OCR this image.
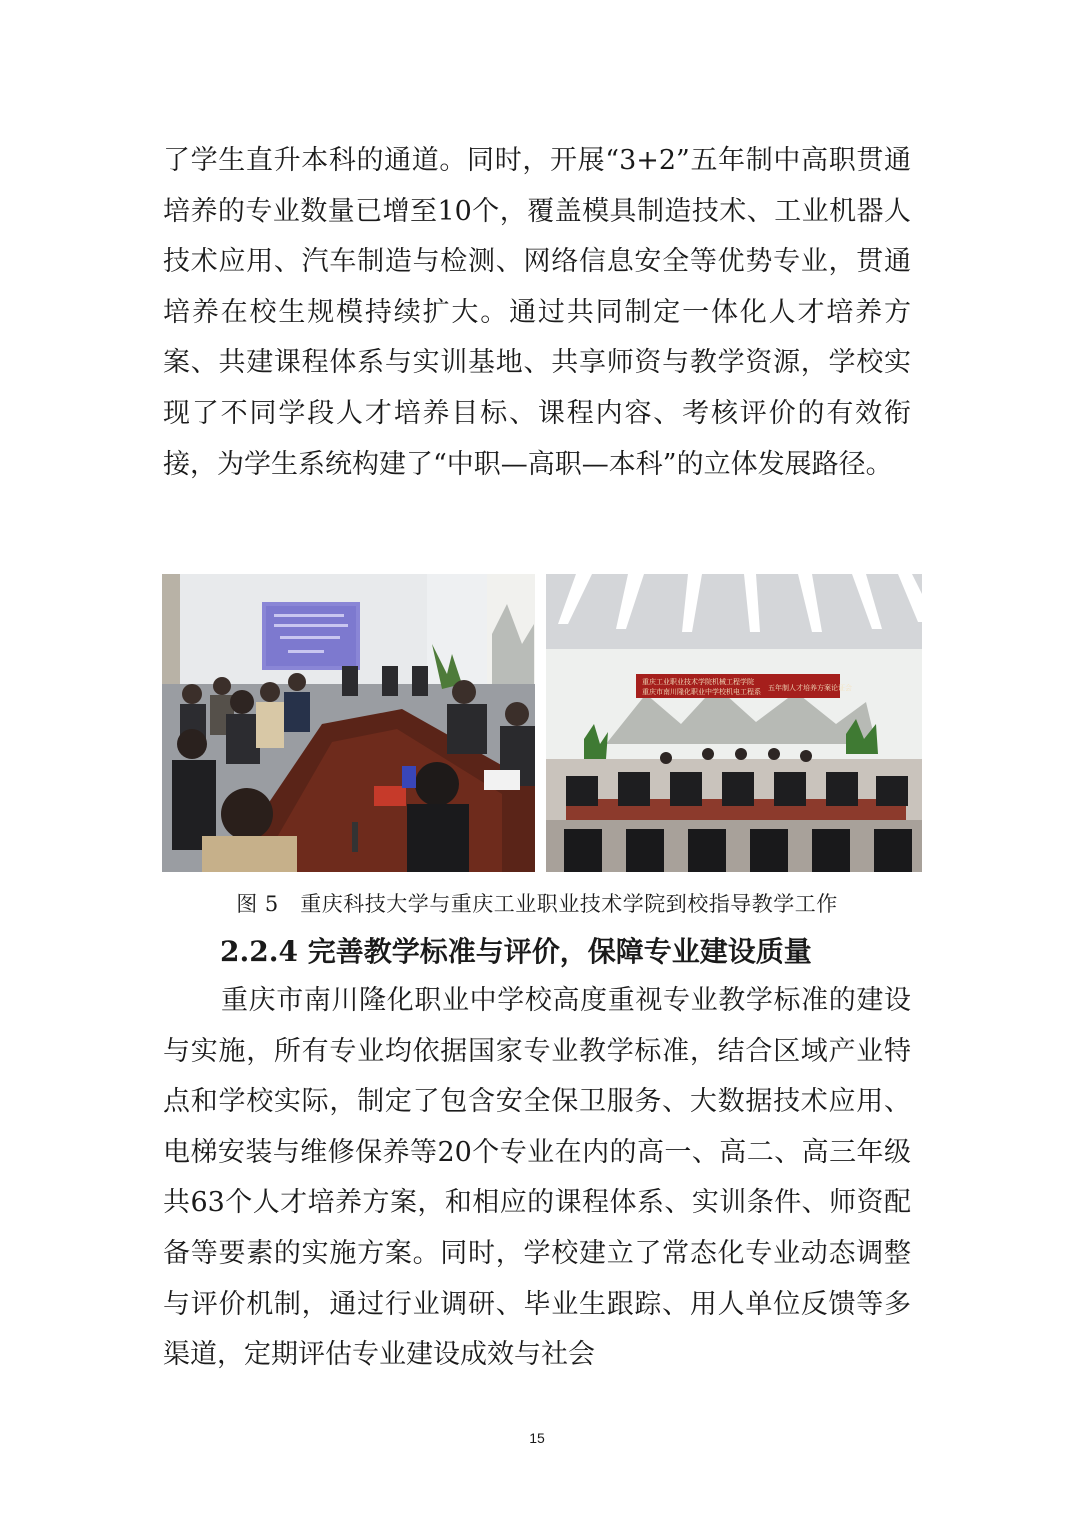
了学生直升本科的通道。同时，开展“3+2”五年制中高职贯通培养的专业数量已增至10个，覆盖模具制造技术、工业机器人技术应用、汽车制造与检测、网络信息安全等优势专业，贯通培养在校生规模持续扩大。通过共同制定一体化人才培养方案、共建课程体系与实训基地、共享师资与教学资源，学校实现了不同学段人才培养目标、课程内容、考核评价的有效衔接，为学生系统构建了“中职—高职—本科”的立体发展路径。

重庆工业职业技术学院机械工程学院
重庆市南川隆化职业中学校机电工程系 五年制人才培养方案论证会
图 5　重庆科技大学与重庆工业职业技术学院到校指导教学工作
2.2.4 完善教学标准与评价，保障专业建设质量

重庆市南川隆化职业中学校高度重视专业教学标准的建设与实施，所有专业均依据国家专业教学标准，结合区域产业特点和学校实际，制定了包含安全保卫服务、大数据技术应用、电梯安装与维修保养等20个专业在内的高一、高二、高三年级共63个人才培养方案，和相应的课程体系、实训条件、师资配备等要素的实施方案。同时，学校建立了常态化专业动态调整与评价机制，通过行业调研、毕业生跟踪、用人单位反馈等多渠道，定期评估专业建设成效与社会

15
